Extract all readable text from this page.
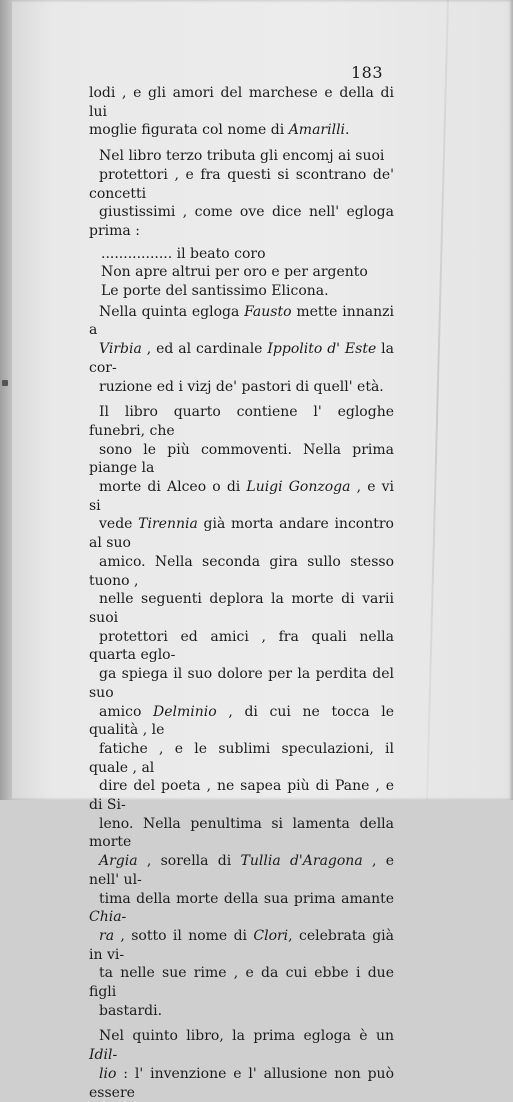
183

lodi , e gli amori del marchese e della di lui
moglie figurata col nome di Amarilli.

Nel libro terzo tributa gli encomj ai suoi
protettori , e fra questi si scontrano de' concetti
giustissimi , come ove dice nell' egloga prima :

................ il beato coro
Non apre altrui per oro e per argento
Le porte del santissimo Elicona.

Nella quinta egloga Fausto mette innanzi a
Virbia , ed al cardinale Ippolito d' Este la cor-
ruzione ed i vizj de' pastori di quell' età.

Il libro quarto contiene l' egloghe funebri, che
sono le più commoventi. Nella prima piange la
morte di Alceo o di Luigi Gonzoga , e vi si
vede Tirennia già morta andare incontro al suo
amico. Nella seconda gira sullo stesso tuono ,
nelle seguenti deplora la morte di varii suoi
protettori ed amici , fra quali nella quarta eglo-
ga spiega il suo dolore per la perdita del suo
amico Delminio , di cui ne tocca le qualità , le
fatiche , e le sublimi speculazioni, il quale , al
dire del poeta , ne sapea più di Pane , e di Si-
leno. Nella penultima si lamenta della morte
Argia , sorella di Tullia d'Aragona , e nell' ul-
tima della morte della sua prima amante Chia-
ra , sotto il nome di Clori, celebrata già in vi-
ta nelle sue rime , e da cui ebbe i due figli
bastardi.

Nel quinto libro, la prima egloga è un Idil-
lio : l' invenzione e l' allusione non può essere
